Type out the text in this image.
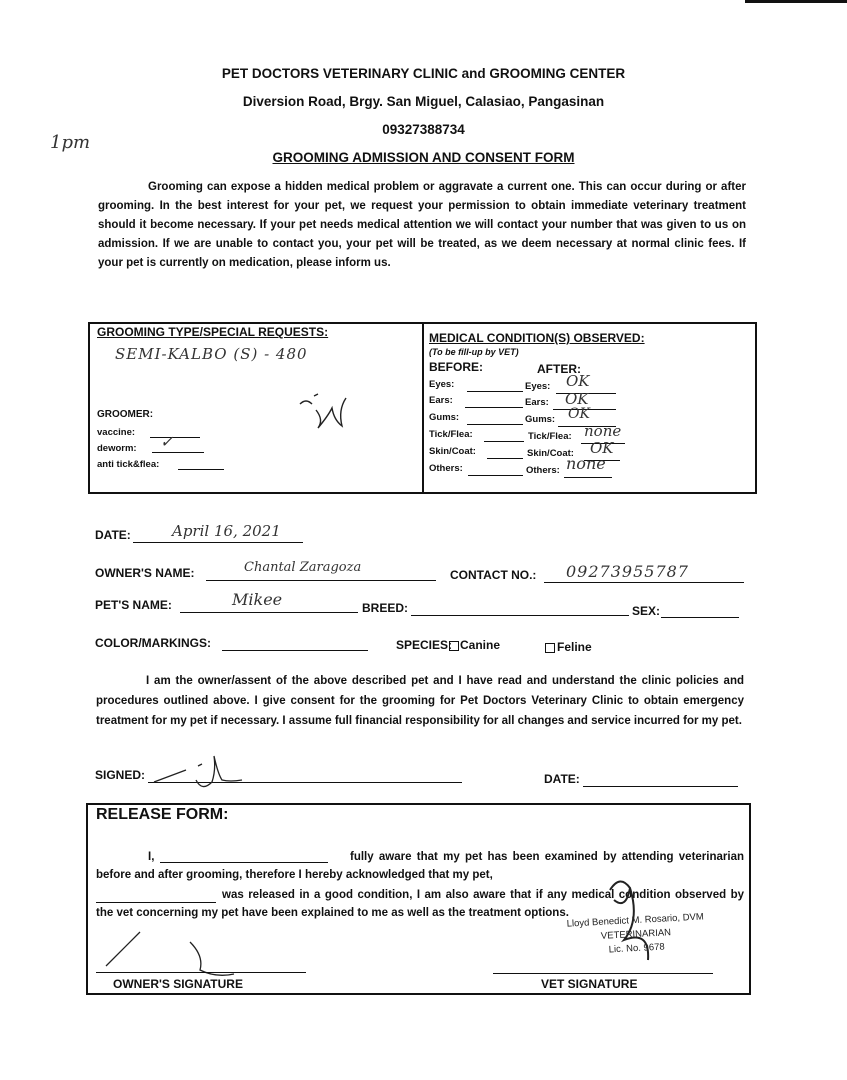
PET DOCTORS VETERINARY CLINIC and GROOMING CENTER
Diversion Road, Brgy. San Miguel, Calasiao, Pangasinan
09327388734
GROOMING ADMISSION AND CONSENT FORM
1pm
Grooming can expose a hidden medical problem or aggravate a current one. This can occur during or after grooming. In the best interest for your pet, we request your permission to obtain immediate veterinary treatment should it become necessary. If your pet needs medical attention we will contact your number that was given to us on admission. If we are unable to contact you, your pet will be treated, as we deem necessary at normal clinic fees. If your pet is currently on medication, please inform us.
GROOMING TYPE/SPECIAL REQUESTS:
SEMI-KALBO (S) - 480
GROOMER:
vaccine:
deworm: ✓
anti tick&flea:
MEDICAL CONDITION(S) OBSERVED:
(To be fill-up by VET)
BEFORE:	AFTER:
Eyes:	Eyes: OK
Ears:	Ears: OK
Gums:	Gums: OK
Tick/Flea:	Tick/Flea: none
Skin/Coat:	Skin/Coat: OK
Others:	Others: none
DATE:	April 16, 2021
OWNER'S NAME:	Chantal Zaragoza	CONTACT NO.: 09273955787
PET'S NAME:	Mikee	BREED:	SEX:
COLOR/MARKINGS:	SPECIES: Canine	Feline
I am the owner/assent of the above described pet and I have read and understand the clinic policies and procedures outlined above. I give consent for the grooming for Pet Doctors Veterinary Clinic to obtain emergency treatment for my pet if necessary. I assume full financial responsibility for all changes and service incurred for my pet.
SIGNED:	DATE:
RELEASE FORM:
I,	fully aware that my pet has been examined by attending veterinarian before and after grooming, therefore I hereby acknowledged that my pet,
was released in a good condition, I am also aware that if any medical condition observed by the vet concerning my pet have been explained to me as well as the treatment options.
Lloyd Benedict M. Rosario, DVM
VETERINARIAN
Lic. No. 9678
OWNER'S SIGNATURE	VET SIGNATURE
